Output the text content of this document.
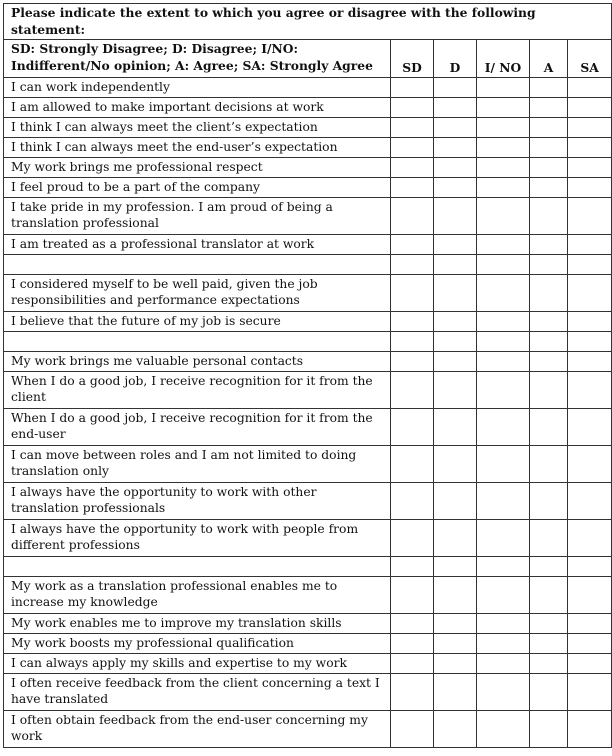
Please indicate the extent to which you agree or disagree with the following statement:					
SD: Strongly Disagree; D: Disagree; I/NO: Indifferent/No opinion; A: Agree; SA: Strongly Agree	SD	D	I/ NO	A	SA
I can work independently					
I am allowed to make important decisions at work					
I think I can always meet the client’s expectation					
I think I can always meet the end-user’s expectation					
My work brings me professional respect					
I feel proud to be a part of the company					
I take pride in my profession. I am proud of being a translation professional					
I am treated as a professional translator at work					

I considered myself to be well paid, given the job responsibilities and performance expectations					
I believe that the future of my job is secure					

My work brings me valuable personal contacts					
When I do a good job, I receive recognition for it from the client					
When I do a good job, I receive recognition for it from the end-user					
I can move between roles and I am not limited to doing translation only					
I always have the opportunity to work with other translation professionals					
I always have the opportunity to work with people from different professions					

My work as a translation professional enables me to increase my knowledge					
My work enables me to improve my translation skills					
My work boosts my professional qualification					
I can always apply my skills and expertise to my work					
I often receive feedback from the client concerning a text I have translated					
I often obtain feedback from the end-user concerning my work					
